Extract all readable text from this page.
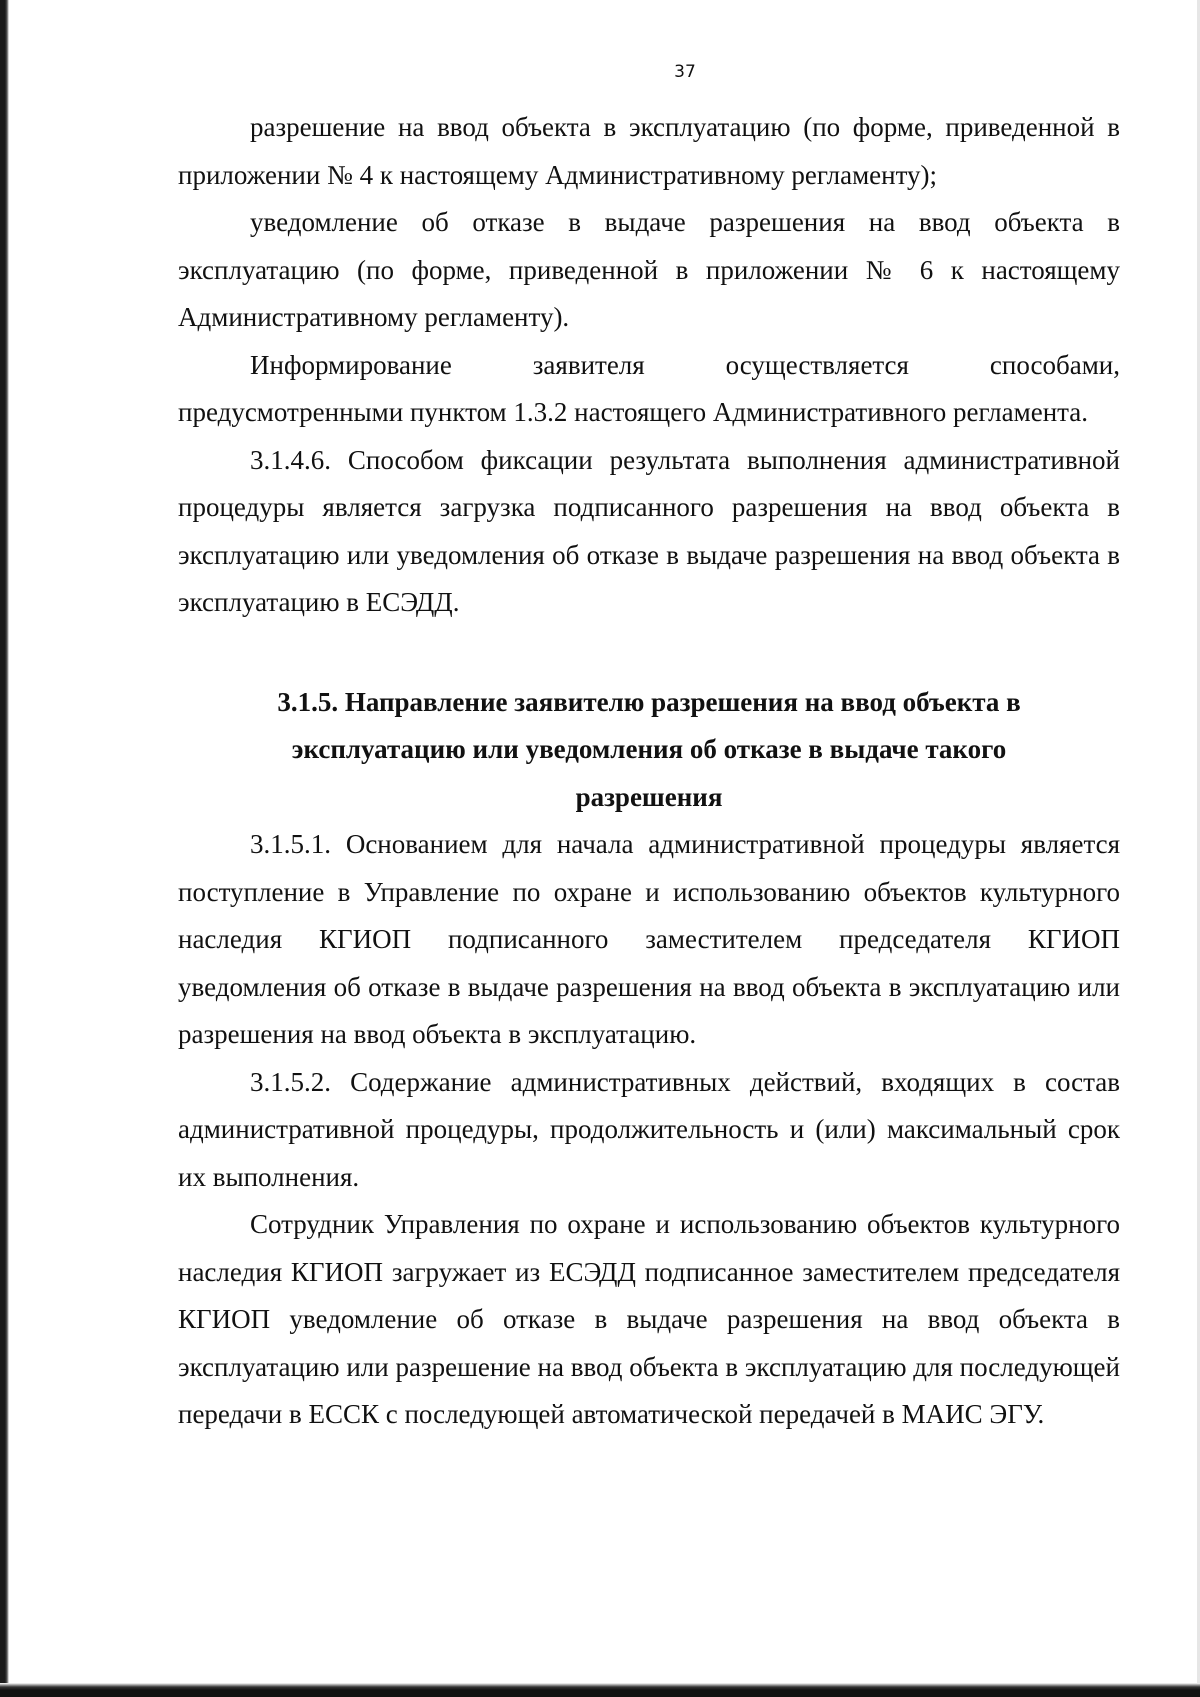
37

разрешение на ввод объекта в эксплуатацию (по форме, приведенной в приложении № 4 к настоящему Административному регламенту);

уведомление об отказе в выдаче разрешения на ввод объекта в эксплуатацию (по форме, приведенной в приложении № 6 к настоящему Административному регламенту).

Информирование заявителя осуществляется способами, предусмотренными пунктом 1.3.2 настоящего Административного регламента.

3.1.4.6. Способом фиксации результата выполнения административной процедуры является загрузка подписанного разрешения на ввод объекта в эксплуатацию или уведомления об отказе в выдаче разрешения на ввод объекта в эксплуатацию в ЕСЭДД.

3.1.5. Направление заявителю разрешения на ввод объекта в эксплуатацию или уведомления об отказе в выдаче такого разрешения

3.1.5.1. Основанием для начала административной процедуры является поступление в Управление по охране и использованию объектов культурного наследия КГИОП подписанного заместителем председателя КГИОП уведомления об отказе в выдаче разрешения на ввод объекта в эксплуатацию или разрешения на ввод объекта в эксплуатацию.

3.1.5.2. Содержание административных действий, входящих в состав административной процедуры, продолжительность и (или) максимальный срок их выполнения.

Сотрудник Управления по охране и использованию объектов культурного наследия КГИОП загружает из ЕСЭДД подписанное заместителем председателя КГИОП уведомление об отказе в выдаче разрешения на ввод объекта в эксплуатацию или разрешение на ввод объекта в эксплуатацию для последующей передачи в ЕССК с последующей автоматической передачей в МАИС ЭГУ.
